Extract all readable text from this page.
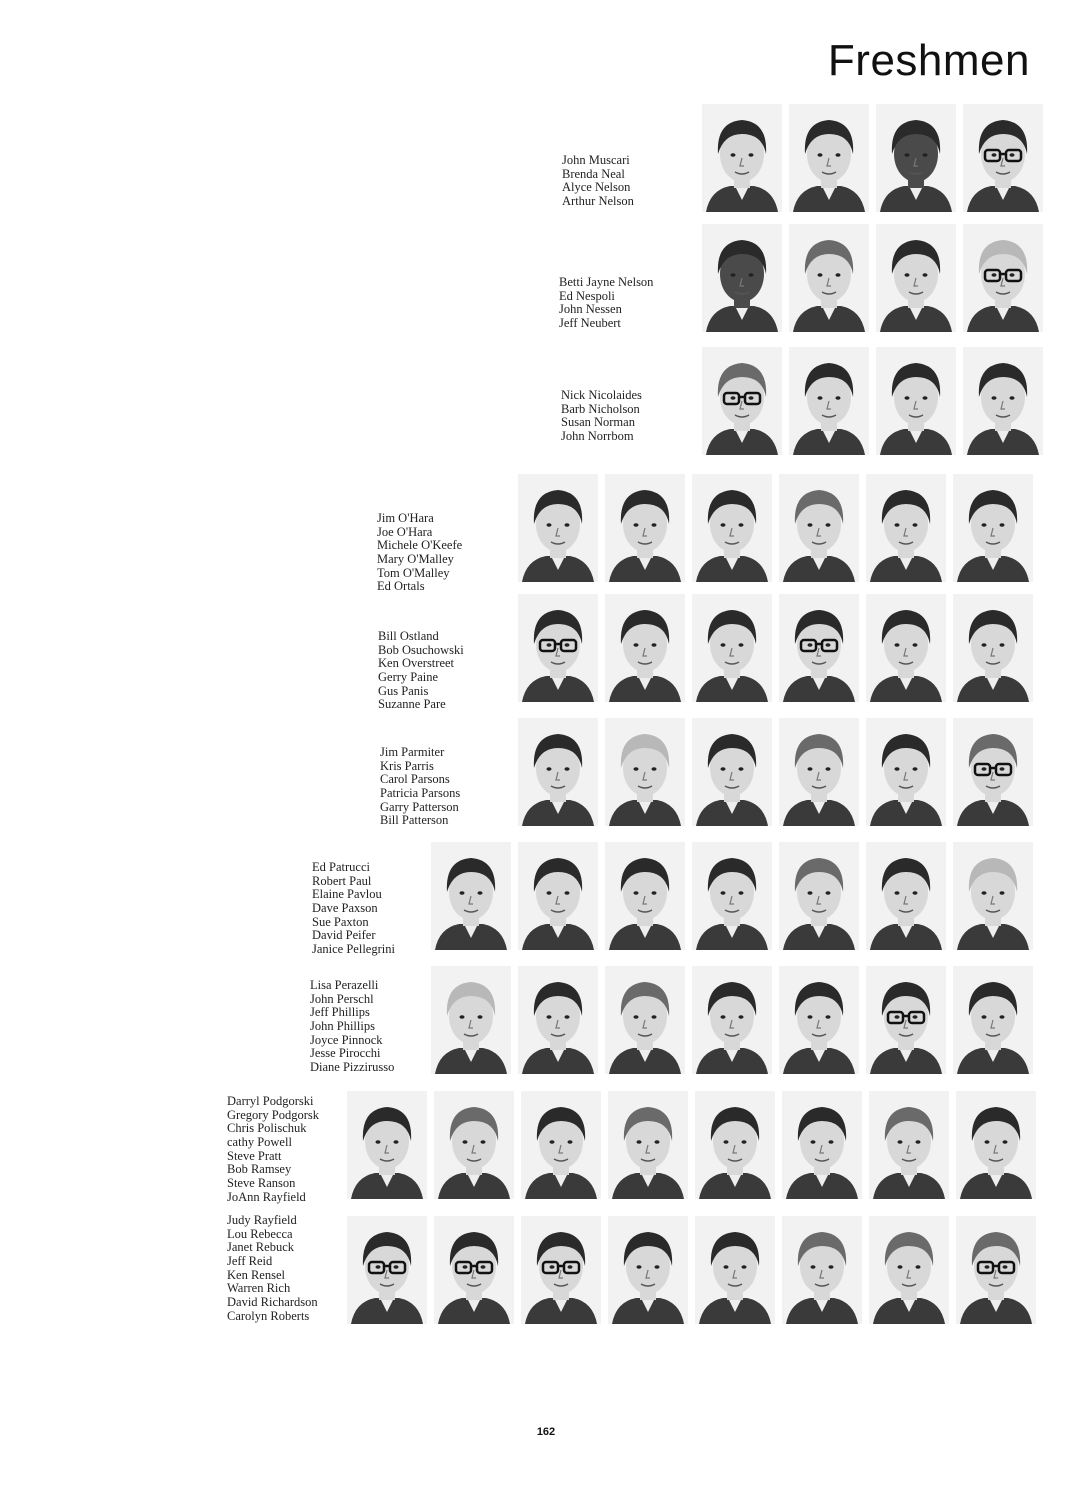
Freshmen
John Muscari
Brenda Neal
Alyce Nelson
Arthur Nelson
Betti Jayne Nelson
Ed Nespoli
John Nessen
Jeff Neubert
Nick Nicolaides
Barb Nicholson
Susan Norman
John Norrbom
Jim O'Hara
Joe O'Hara
Michele O'Keefe
Mary O'Malley
Tom O'Malley
Ed Ortals
Bill Ostland
Bob Osuchowski
Ken Overstreet
Gerry Paine
Gus Panis
Suzanne Pare
Jim Parmiter
Kris Parris
Carol Parsons
Patricia Parsons
Garry Patterson
Bill Patterson
Ed Patrucci
Robert Paul
Elaine Pavlou
Dave Paxson
Sue Paxton
David Peifer
Janice Pellegrini
Lisa Perazelli
John Perschl
Jeff Phillips
John Phillips
Joyce Pinnock
Jesse Pirocchi
Diane Pizzirusso
Darryl Podgorski
Gregory Podgorsk
Chris Polischuk
cathy Powell
Steve Pratt
Bob Ramsey
Steve Ranson
JoAnn Rayfield
Judy Rayfield
Lou Rebecca
Janet Rebuck
Jeff Reid
Ken Rensel
Warren Rich
David Richardson
Carolyn Roberts
162
